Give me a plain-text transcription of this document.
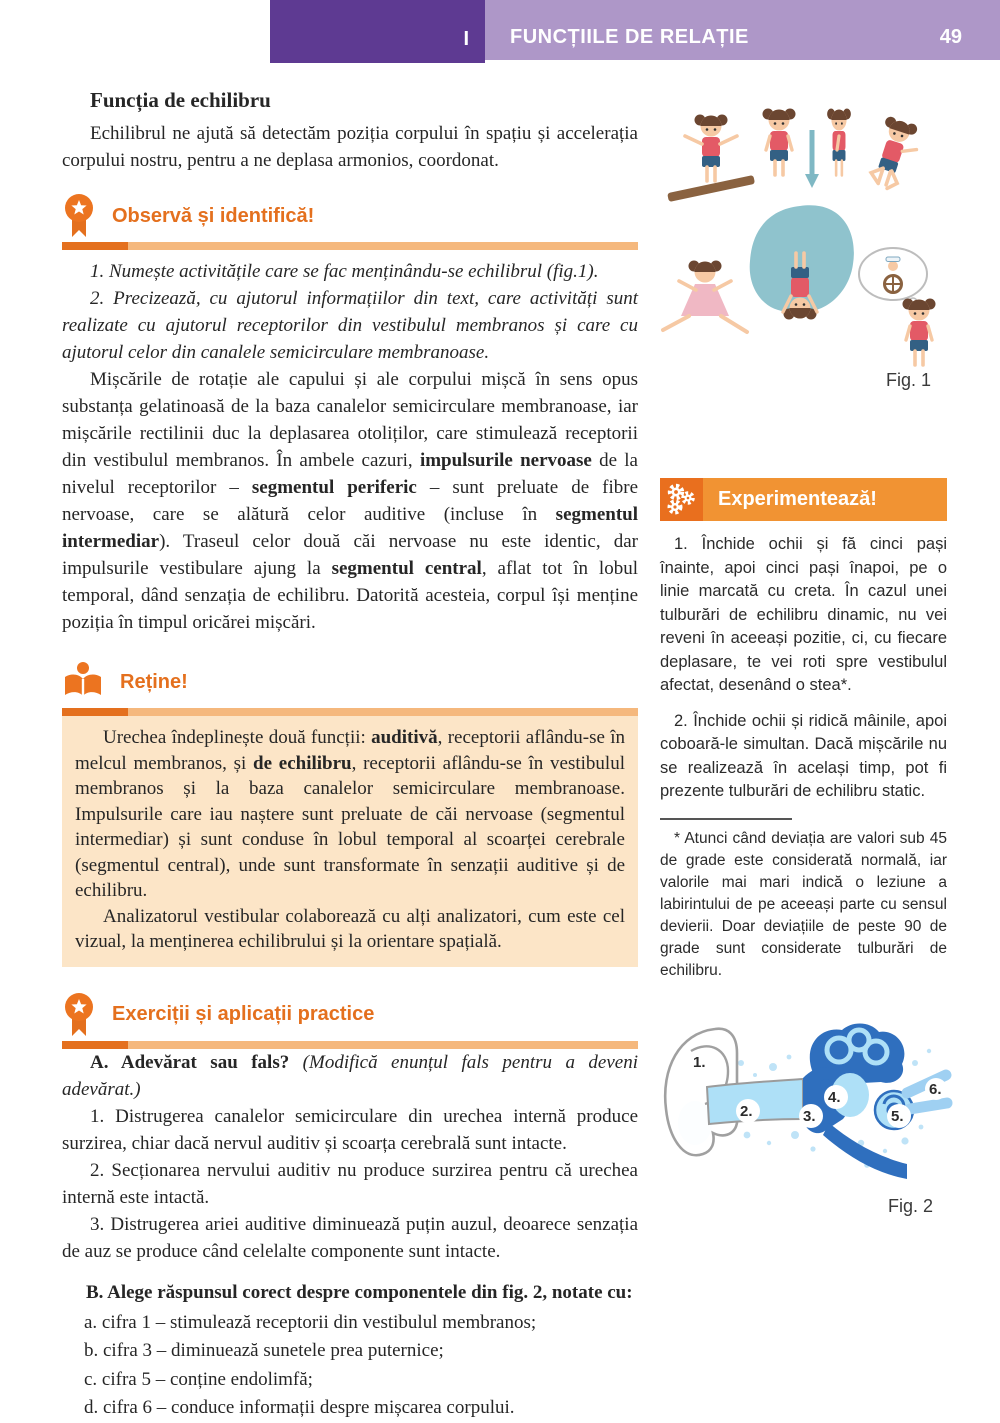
I	FUNCȚIILE DE RELAȚIE	49
Funcția de echilibru

Echilibrul ne ajută să detectăm poziția corpului în spațiu și accelerația corpului nostru, pentru a ne deplasa armonios, coordonat.

Observă și identifică!

1. Numește activitățile care se fac menținându-se echilibrul (fig.1).

2. Precizează, cu ajutorul informațiilor din text, care activități sunt realizate cu ajutorul receptorilor din vestibulul membranos și care cu ajutorul celor din canalele semicirculare membranoase.

Mișcările de rotație ale capului și ale corpului mișcă în sens opus substanța gelatinoasă de la baza canalelor semicirculare membranoase, iar mișcările rectilinii duc la deplasarea otoliților, care stimulează receptorii din vestibulul membranos. În ambele cazuri, impulsurile nervoase de la nivelul receptorilor – segmentul periferic – sunt preluate de fibre nervoase, care se alătură celor auditive (incluse în segmentul intermediar). Traseul celor două căi nervoase nu este identic, dar impulsurile vestibulare ajung la segmentul central, aflat tot în lobul temporal, dând senzația de echilibru. Datorită acesteia, corpul își menține poziția în timpul oricărei mișcări.

Reține!

Urechea îndeplinește două funcții: auditivă, receptorii aflându-se în melcul membranos, și de echilibru, receptorii aflându-se în vestibulul membranos și la baza canalelor semicirculare membranoase. Impulsurile care iau naștere sunt preluate de căi nervoase (segmentul intermediar) și sunt conduse în lobul temporal al scoarței cerebrale (segmentul central), unde sunt transformate în senzații auditive și de echilibru.

Analizatorul vestibular colaborează cu alți analizatori, cum este cel vizual, la menținerea echilibrului și la orientare spațială.

Exerciții și aplicații practice

A. Adevărat sau fals? (Modifică enunțul fals pentru a deveni adevărat.)

1. Distrugerea canalelor semicirculare din urechea internă produce surzirea, chiar dacă nervul auditiv și scoarța cerebrală sunt intacte.

2. Secționarea nervului auditiv nu produce surzirea pentru că urechea internă este intactă.

3. Distrugerea ariei auditive diminuează puțin auzul, deoarece senzația de auz se produce când celelalte componente sunt intacte.

B. Alege răspunsul corect despre componentele din fig. 2, notate cu:

a. cifra 1 – stimulează receptorii din vestibulul membranos;

b. cifra 3 – diminuează sunetele prea puternice;

c. cifra 5 – conține endolimfă;

d. cifra 6 – conduce informații despre mișcarea corpului.

Fig. 1
Experimentează!

1. Închide ochii și fă cinci pași înainte, apoi cinci pași înapoi, pe o linie marcată cu creta. În cazul unei tulburări de echilibru dinamic, nu vei reveni în aceeași pozitie, ci, cu fiecare deplasare, te vei roti spre vestibulul afectat, desenând o stea*.

2. Închide ochii și ridică mâinile, apoi coboară-le simultan. Dacă mișcările nu se realizează în același timp, pot fi prezente tulburări de echilibru static.

* Atunci când deviația are valori sub 45 de grade este considerată normală, iar valorile mai mari indică o leziune a labirintului de pe aceeași parte cu sensul devierii. Doar deviațiile de peste 90 de grade sunt considerate tulburări de echilibru.

1.
2.	3.
4.
5.
6.
Fig. 2
